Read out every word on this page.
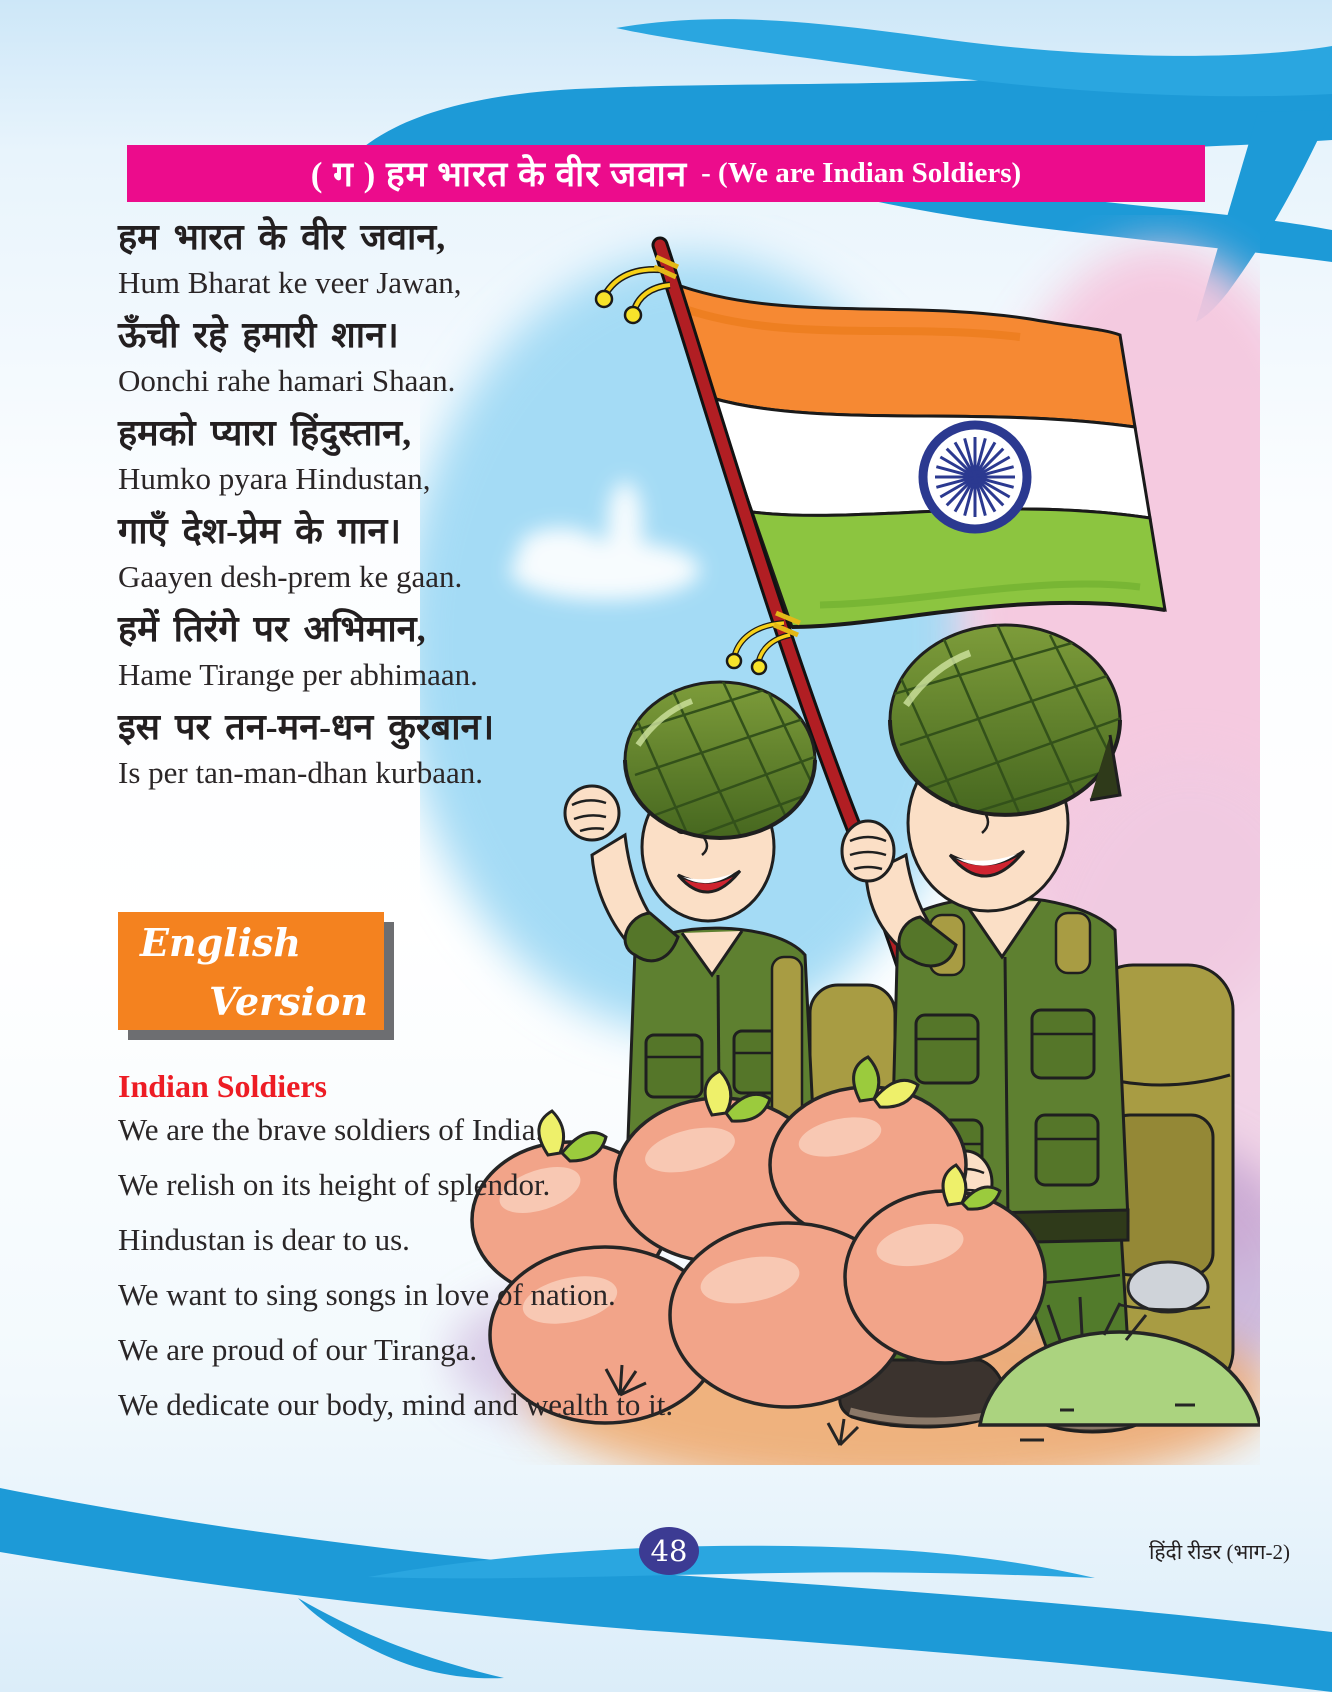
( ग ) हम भारत के वीर जवान - (We are Indian Soldiers)
हम भारत के वीर जवान,
Hum Bharat ke veer Jawan,
ऊँची रहे हमारी शान।
Oonchi rahe hamari Shaan.
हमको प्यारा हिंदुस्तान,
Humko pyara Hindustan,
गाएँ देश-प्रेम के गान।
Gaayen desh-prem ke gaan.
हमें तिरंगे पर अभिमान,
Hame Tirange per abhimaan.
इस पर तन-मन-धन कुरबान।
Is per tan-man-dhan kurbaan.
English
Version
Indian Soldiers
We are the brave soldiers of India.
We relish on its height of splendor.
Hindustan is dear to us.
We want to sing songs in love of nation.
We are proud of our Tiranga.
We dedicate our body, mind and wealth to it.
48	हिंदी रीडर (भाग-2)
